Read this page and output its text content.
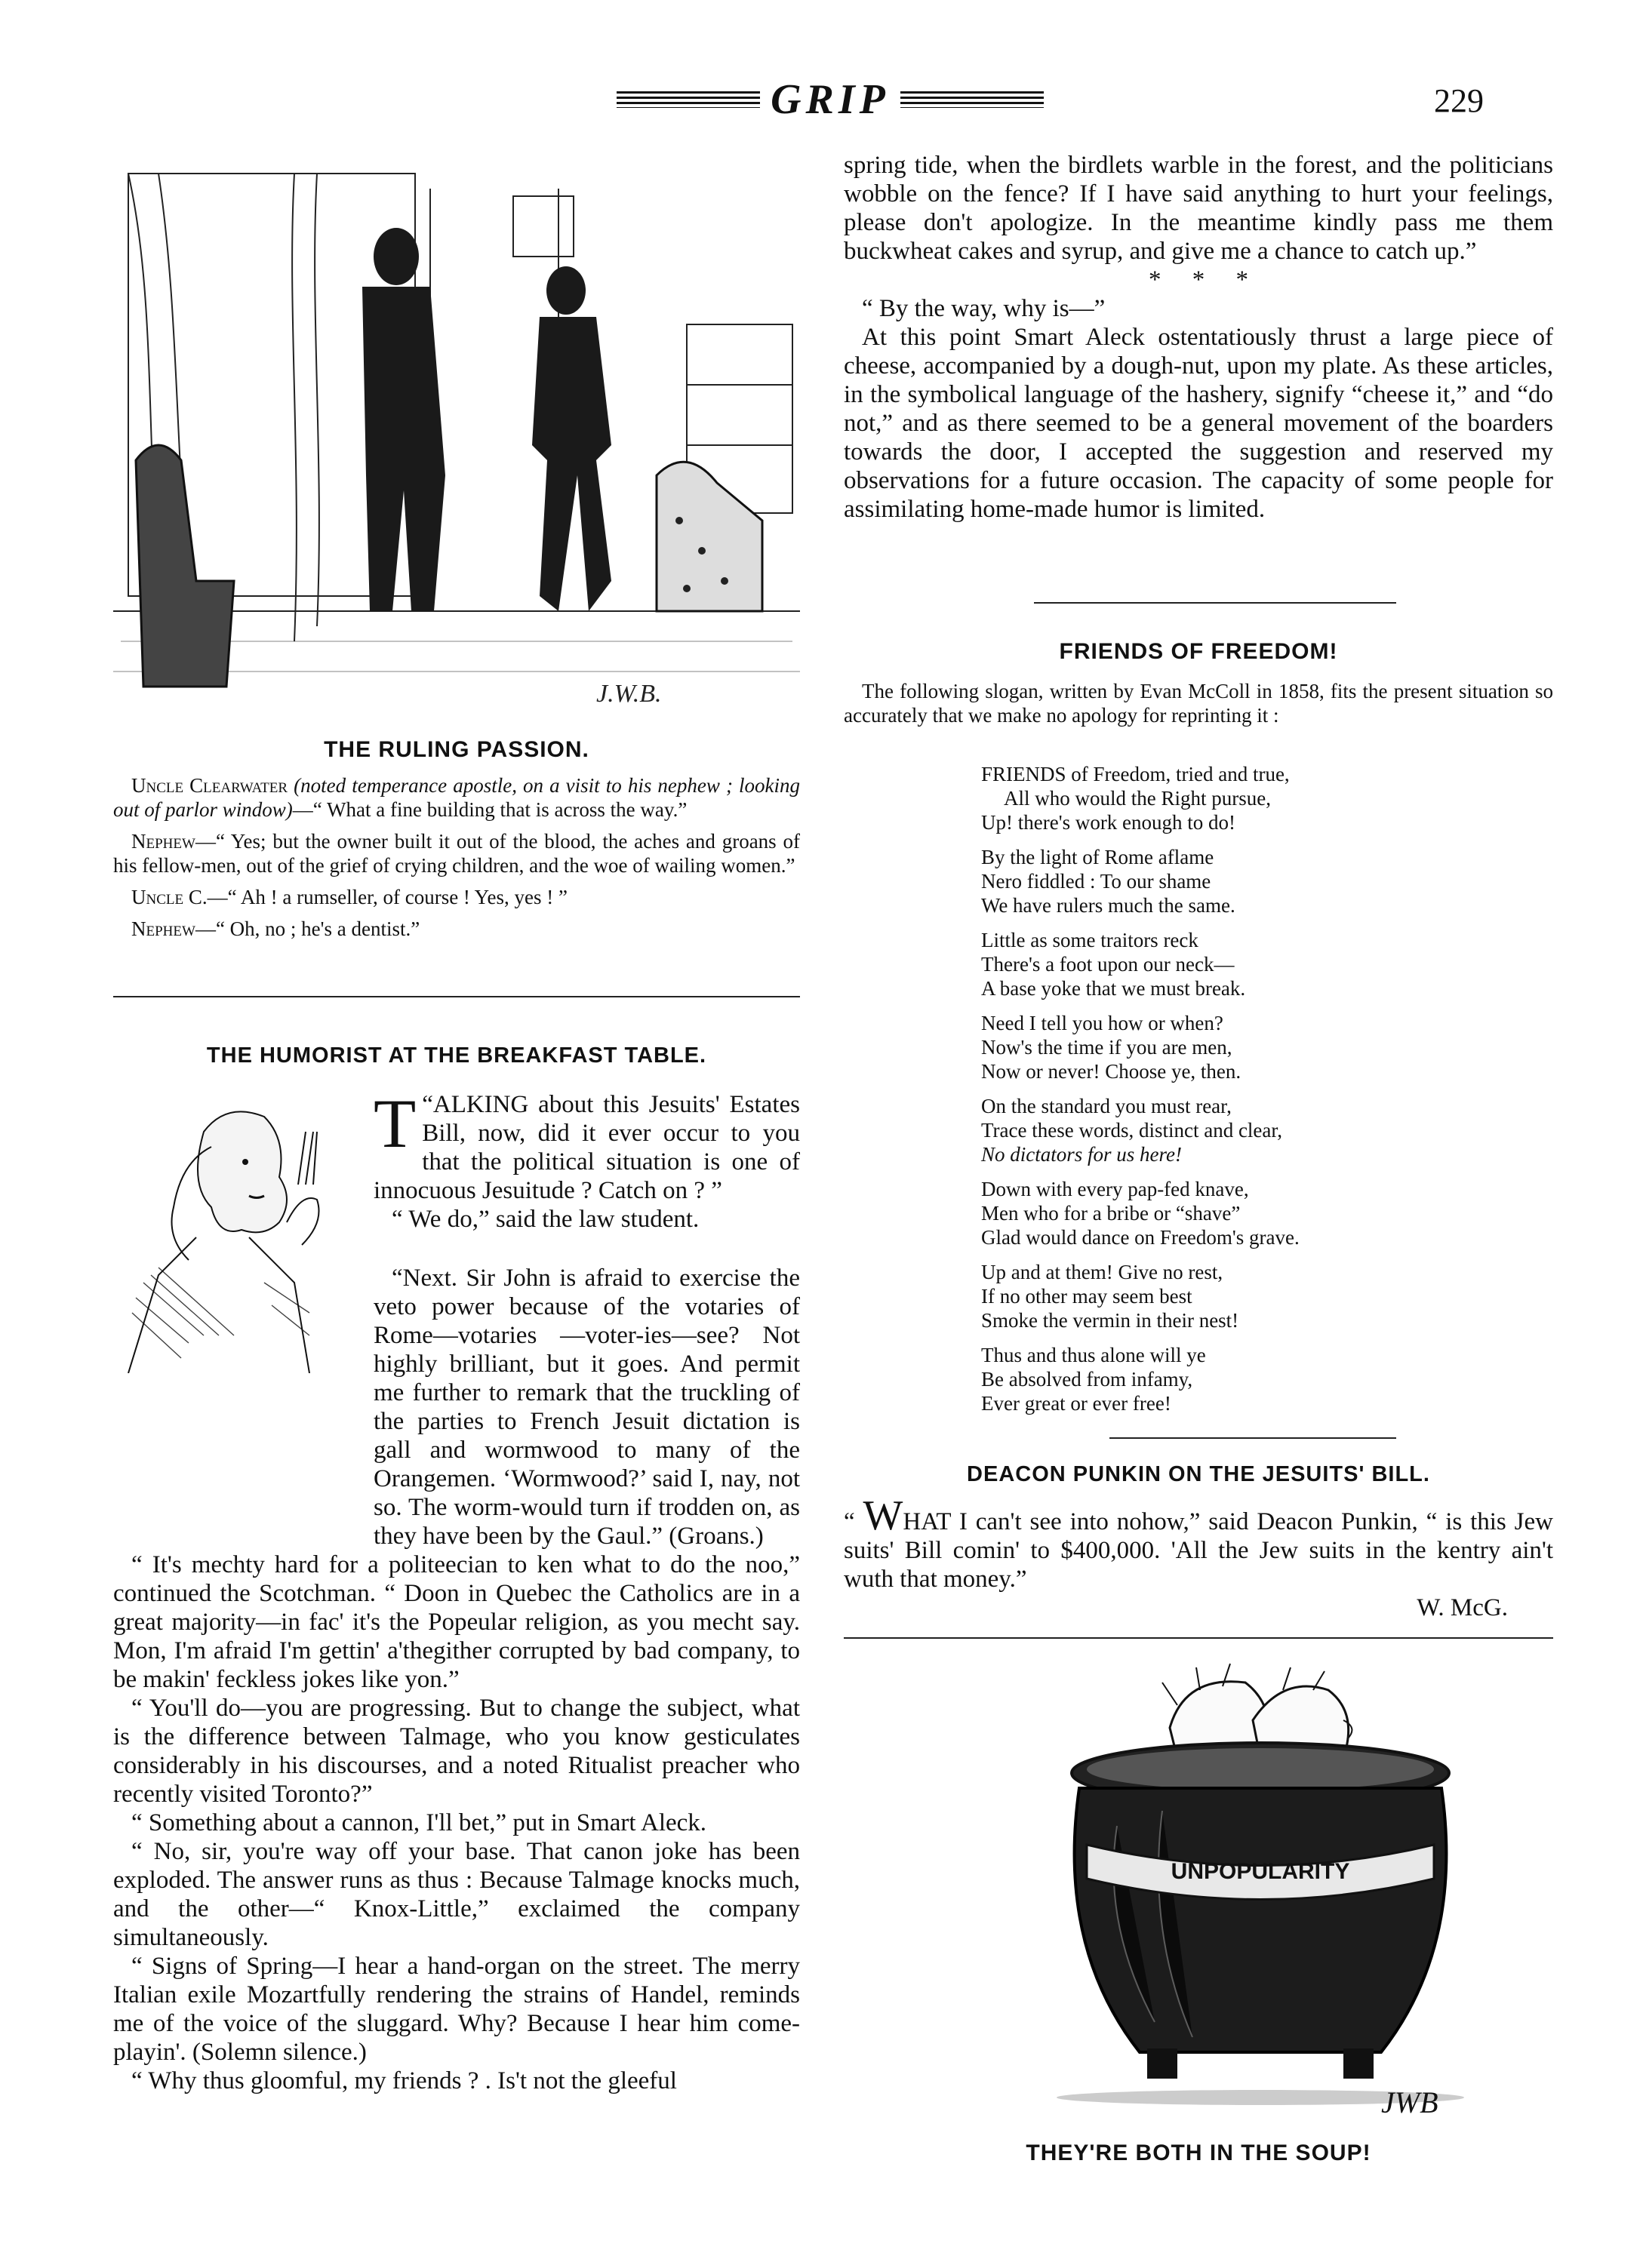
GRIP	229
J.W.B.
THE RULING PASSION.

Uncle Clearwater (noted temperance apostle, on a visit to his nephew ; looking out of parlor window)—“ What a fine building that is across the way.”

Nephew—“ Yes; but the owner built it out of the blood, the aches and groans of his fellow-men, out of the grief of crying children, and the woe of wailing women.”

Uncle C.—“ Ah ! a rumseller, of course ! Yes, yes ! ”

Nephew—“ Oh, no ; he's a dentist.”

THE HUMORIST AT THE BREAKFAST TABLE.

“
T ALKING about this Jesuits' Estates Bill, now, did it ever occur to you that the political situation is one of innocuous Jesuitude ? Catch on ? ”

“ We do,” said the law student.

“Next. Sir John is afraid to exercise the veto power because of the votaries of Rome—votaries —voter-ies—see? Not highly brilliant, but it goes. And permit me further to remark that the truckling of the parties to French Jesuit dictation is gall and wormwood to many of the Orangemen. ‘Wormwood?’ said I, nay, not so. The worm-would turn if trodden on, as they have been by the Gaul.” (Groans.)

“ It's mechty hard for a politeecian to ken what to do the noo,” continued the Scotchman. “ Doon in Quebec the Catholics are in a great majority—in fac' it's the Popeular religion, as you mecht say. Mon, I'm afraid I'm gettin' a'thegither corrupted by bad company, to be makin' feckless jokes like yon.”

“ You'll do—you are progressing. But to change the subject, what is the difference between Talmage, who you know gesticulates considerably in his discourses, and a noted Ritualist preacher who recently visited Toronto?”

“ Something about a cannon, I'll bet,” put in Smart Aleck.

“ No, sir, you're way off your base. That canon joke has been exploded. The answer runs as thus : Because Talmage knocks much, and the other—“ Knox-Little,” exclaimed the company simultaneously.

“ Signs of Spring—I hear a hand-organ on the street. The merry Italian exile Mozartfully rendering the strains of Handel, reminds me of the voice of the sluggard. Why? Because I hear him come-playin'. (Solemn silence.)

“ Why thus gloomful, my friends ? . Is't not the gleeful

spring tide, when the birdlets warble in the forest, and the politicians wobble on the fence? If I have said anything to hurt your feelings, please don't apologize. In the meantime kindly pass me them buckwheat cakes and syrup, and give me a chance to catch up.”

*     *     *

“ By the way, why is—”

At this point Smart Aleck ostentatiously thrust a large piece of cheese, accompanied by a dough-nut, upon my plate. As these articles, in the symbolical language of the hashery, signify “cheese it,” and “do not,” and as there seemed to be a general movement of the boarders towards the door, I accepted the suggestion and reserved my observations for a future occasion. The capacity of some people for assimilating home-made humor is limited.

FRIENDS OF FREEDOM!

The following slogan, written by Evan McColl in 1858, fits the present situation so accurately that we make no apology for reprinting it :

FRIENDS of Freedom, tried and true,
All who would the Right pursue,
Up! there's work enough to do!
By the light of Rome aflame
Nero fiddled : To our shame
We have rulers much the same.
Little as some traitors reck
There's a foot upon our neck—
A base yoke that we must break.
Need I tell you how or when?
Now's the time if you are men,
Now or never! Choose ye, then.
On the standard you must rear,
Trace these words, distinct and clear,
No dictators for us here!
Down with every pap-fed knave,
Men who for a bribe or “shave”
Glad would dance on Freedom's grave.
Up and at them! Give no rest,
If no other may seem best
Smoke the vermin in their nest!
Thus and thus alone will ye
Be absolved from infamy,
Ever great or ever free!
DEACON PUNKIN ON THE JESUITS' BILL.

“ WHAT I can't see into nohow,” said Deacon Punkin, “ is this Jew suits' Bill comin' to $400,000. 'All the Jew suits in the kentry ain't wuth that money.”

W. McG.

UNPOPULARITY
JWB
THEY'RE BOTH IN THE SOUP!
